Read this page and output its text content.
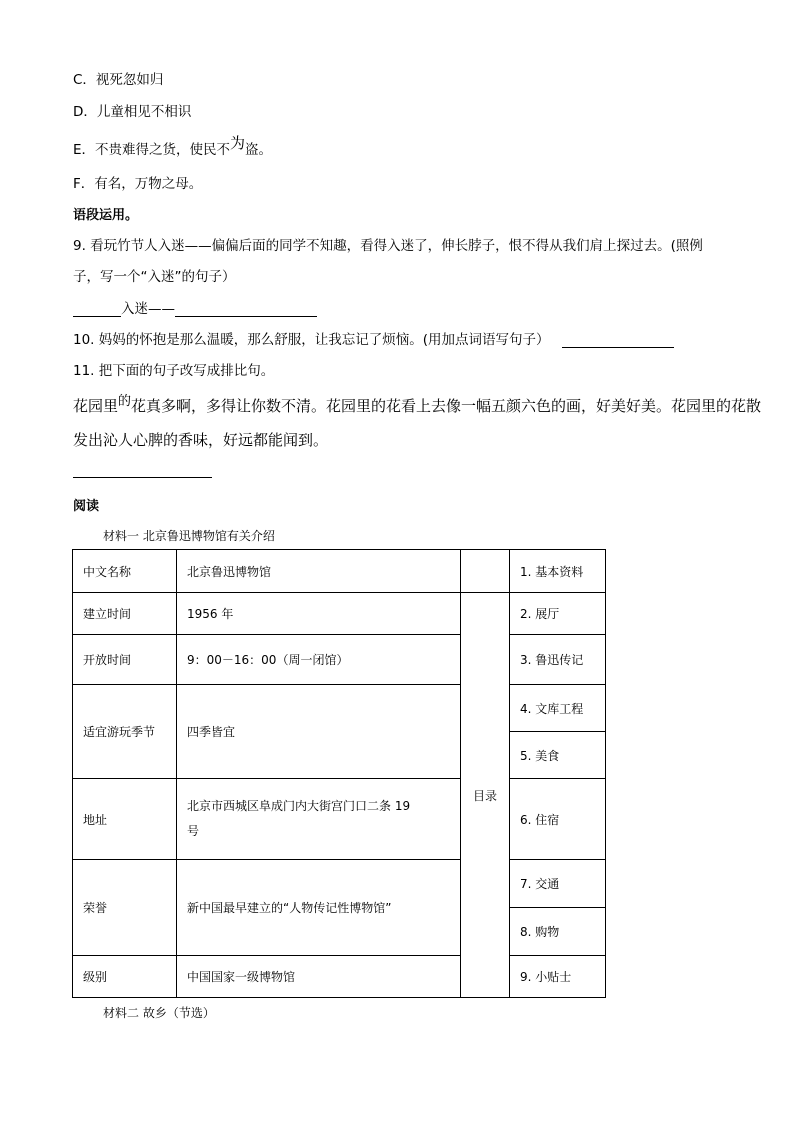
C．视死忽如归
D．儿童相见不相识
E．不贵难得之货，使民不为盗。
F．有名，万物之母。
语段运用。
9. 看玩竹节人入迷——偏偏后面的同学不知趣，看得入迷了，伸长脖子，恨不得从我们肩上探过去。(照例
子，写一个“入迷”的句子）
入迷——
10. 妈妈的怀抱是那么温暖，那么舒服，让我忘记了烦恼。(用加点词语写句子）
11. 把下面的句子改写成排比句。
花园里的花真多啊，多得让你数不清。花园里的花看上去像一幅五颜六色的画，好美好美。花园里的花散
发出沁人心脾的香味，好远都能闻到。
阅读
材料一 北京鲁迅博物馆有关介绍
中文名称	北京鲁迅博物馆		1. 基本资料
建立时间	1956 年	目录	2. 展厅
开放时间	9：00－16：00（周一闭馆）		3. 鲁迅传记
适宜游玩季节	四季皆宜		4. 文库工程
			5. 美食
地址	北京市西城区阜成门内大街宫门口二条 19
号		6. 住宿
荣誉	新中国最早建立的“人物传记性博物馆”		7. 交通
			8. 购物
级别	中国国家一级博物馆		9. 小贴士
材料二 故乡（节选）
